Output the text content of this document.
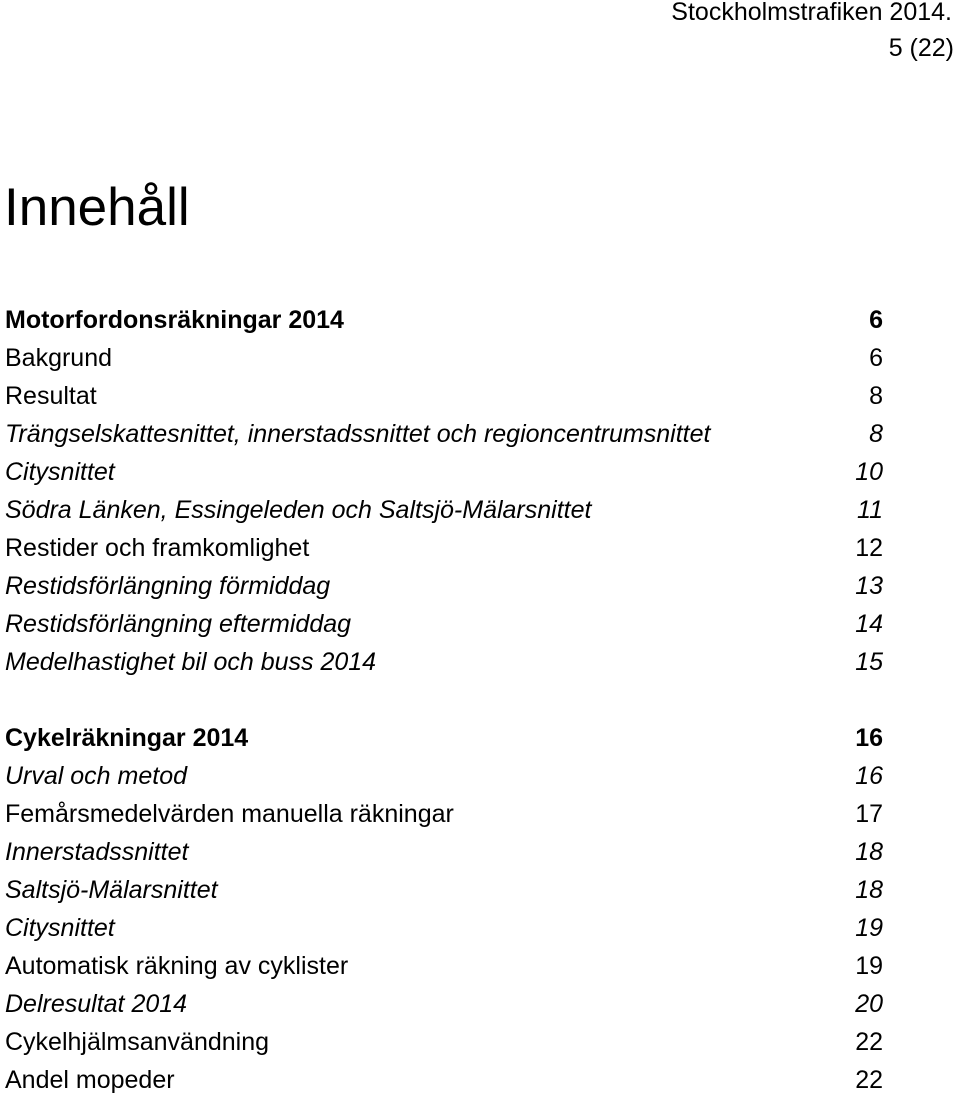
Stockholmstrafiken 2014.
5 (22)
Innehåll
Motorfordonsräkningar 2014	6
Bakgrund	6
Resultat	8
Trängselskattesnittet, innerstadssnittet och regioncentrumsnittet	8
Citysnittet	10
Södra Länken, Essingeleden och Saltsjö-Mälarsnittet	11
Restider och framkomlighet	12
Restidsförlängning förmiddag	13
Restidsförlängning eftermiddag	14
Medelhastighet bil och buss 2014	15
Cykelräkningar 2014	16
Urval och metod	16
Femårsmedelvärden manuella räkningar	17
Innerstadssnittet	18
Saltsjö-Mälarsnittet	18
Citysnittet	19
Automatisk räkning av cyklister	19
Delresultat 2014	20
Cykelhjälmsanvändning	22
Andel mopeder	22
